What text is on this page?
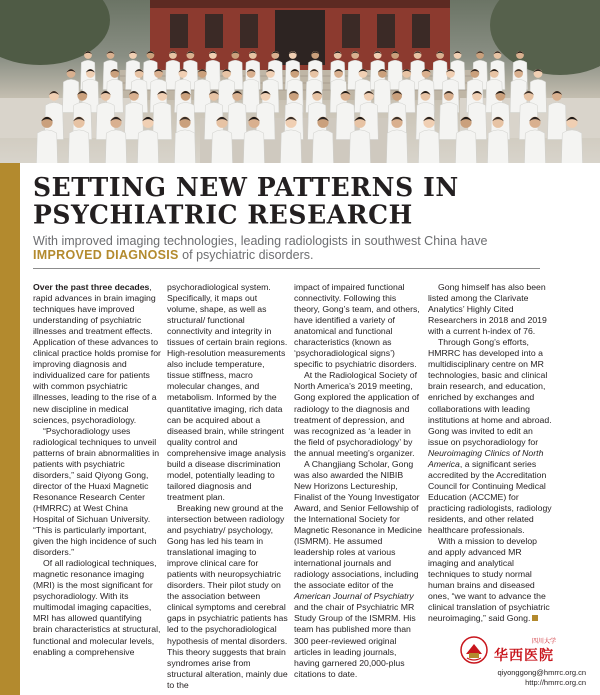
SETTING NEW PATTERNS IN
PSYCHIATRIC RESEARCH

With improved imaging technologies, leading radiologists in southwest China have IMPROVED DIAGNOSIS of psychiatric disorders.

Over the past three decades, rapid advances in brain imaging techniques have improved understanding of psychiatric illnesses and treatment effects. Application of these advances to clinical practice holds promise for improving diagnosis and individualized care for patients with common psychiatric illnesses, leading to the rise of a new discipline in medical sciences, psychoradiology.

“Psychoradiology uses radiological techniques to unveil patterns of brain abnormalities in patients with psychiatric disorders,” said Qiyong Gong, director of the Huaxi Magnetic Resonance Research Center (HMRRC) at West China Hospital of Sichuan University. “This is particularly important, given the high incidence of such disorders.”

Of all radiological techniques, magnetic resonance imaging (MRI) is the most significant for psychoradiology. With its multimodal imaging capacities, MRI has allowed quantifying brain characteristics at structural, functional and molecular levels, enabling a comprehensive

psychoradiological system. Specifically, it maps out volume, shape, as well as structural/ functional connectivity and integrity in tissues of certain brain regions. High-resolution measurements also include temperature, tissue stiffness, macro molecular changes, and metabolism. Informed by the quantitative imaging, rich data can be acquired about a diseased brain, while stringent quality control and comprehensive image analysis build a disease discrimination model, potentially leading to tailored diagnosis and treatment plan.

Breaking new ground at the intersection between radiology and psychiatry/ psychology, Gong has led his team in translational imaging to improve clinical care for patients with neuropsychiatric disorders. Their pilot study on the association between clinical symptoms and cerebral gaps in psychiatric patients has led to the psychoradiological hypothesis of mental disorders. This theory suggests that brain syndromes arise from structural alteration, mainly due to the

impact of impaired functional connectivity. Following this theory, Gong’s team, and others, have identified a variety of anatomical and functional characteristics (known as ‘psychoradiological signs’) specific to psychiatric disorders.

At the Radiological Society of North America’s 2019 meeting, Gong explored the application of radiology to the diagnosis and treatment of depression, and was recognized as ‘a leader in the field of psychoradiology’ by the annual meeting’s organizer.

A Changjiang Scholar, Gong was also awarded the NIBIB New Horizons Lectureship, Finalist of the Young Investigator Award, and Senior Fellowship of the International Society for Magnetic Resonance in Medicine (ISMRM). He assumed leadership roles at various international journals and radiology associations, including the associate editor of the American Journal of Psychiatry and the chair of Psychiatric MR Study Group of the ISMRM. His team has published more than 300 peer-reviewed original articles in leading journals, having garnered 20,000-plus citations to date.

Gong himself has also been listed among the Clarivate Analytics’ Highly Cited Researchers in 2018 and 2019 with a current h-index of 76.

Through Gong’s efforts, HMRRC has developed into a multidisciplinary centre on MR technologies, basic and clinical brain research, and education, enriched by exchanges and collaborations with leading institutions at home and abroad. Gong was invited to edit an issue on psychoradiology for Neuroimaging Clinics of North America, a significant series accredited by the Accreditation Council for Continuing Medical Education (ACCME) for practicing radiologists, radiology residents, and other related healthcare professionals.

With a mission to develop and apply advanced MR imaging and analytical techniques to study normal human brains and diseased ones, “we want to advance the clinical translation of psychiatric neuroimaging,” said Gong.

四川大学
华西医院
qiyonggong@hmrrc.org.cn
http://hmrrc.org.cn
